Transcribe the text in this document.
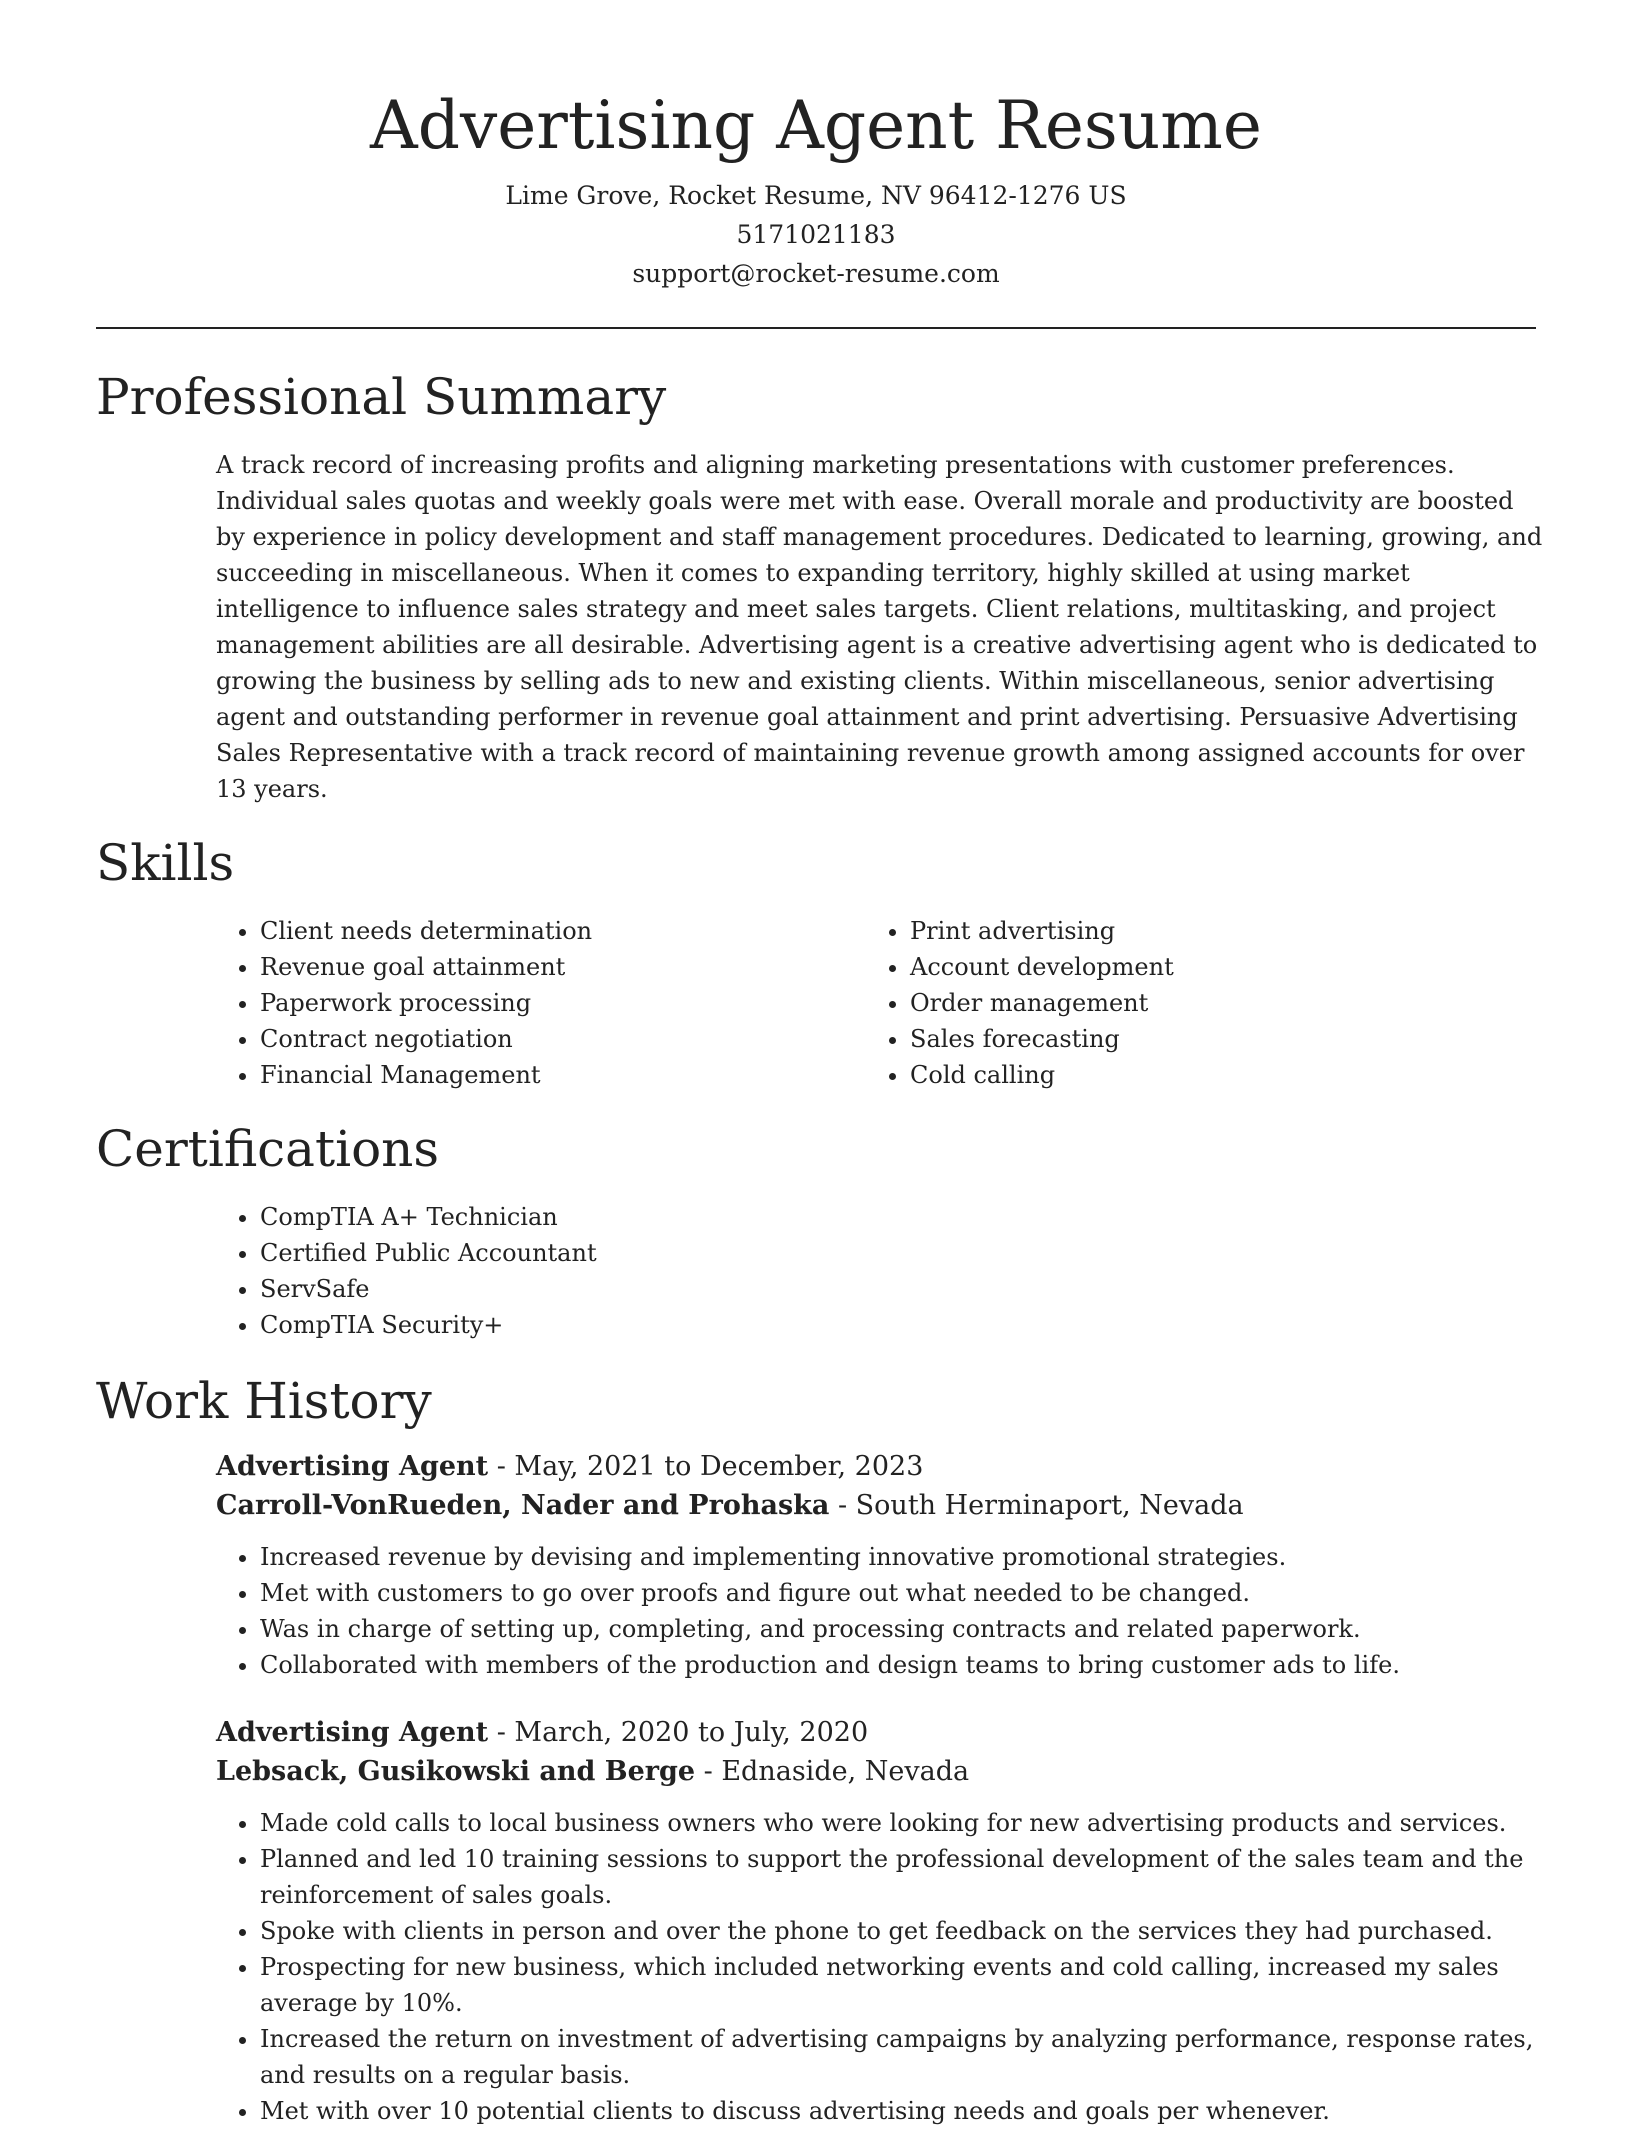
Advertising Agent Resume
Lime Grove, Rocket Resume, NV 96412-1276 US
5171021183
support@rocket-resume.com
Professional Summary

A track record of increasing profits and aligning marketing presentations with customer preferences. Individual sales quotas and weekly goals were met with ease. Overall morale and productivity are boosted by experience in policy development and staff management procedures. Dedicated to learning, growing, and succeeding in miscellaneous. When it comes to expanding territory, highly skilled at using market intelligence to influence sales strategy and meet sales targets. Client relations, multitasking, and project management abilities are all desirable. Advertising agent is a creative advertising agent who is dedicated to growing the business by selling ads to new and existing clients. Within miscellaneous, senior advertising agent and outstanding performer in revenue goal attainment and print advertising. Persuasive Advertising Sales Representative with a track record of maintaining revenue growth among assigned accounts for over 13 years.

Skills
• Client needs determination
• Revenue goal attainment
• Paperwork processing
• Contract negotiation
• Financial Management
• Print advertising
• Account development
• Order management
• Sales forecasting
• Cold calling
Certifications
• CompTIA A+ Technician
• Certified Public Accountant
• ServSafe
• CompTIA Security+
Work History
Advertising Agent - May, 2021 to December, 2023
Carroll-VonRueden, Nader and Prohaska - South Herminaport, Nevada
• Increased revenue by devising and implementing innovative promotional strategies.
• Met with customers to go over proofs and figure out what needed to be changed.
• Was in charge of setting up, completing, and processing contracts and related paperwork.
• Collaborated with members of the production and design teams to bring customer ads to life.
Advertising Agent - March, 2020 to July, 2020
Lebsack, Gusikowski and Berge - Ednaside, Nevada
• Made cold calls to local business owners who were looking for new advertising products and services.
• Planned and led 10 training sessions to support the professional development of the sales team and the reinforcement of sales goals.
• Spoke with clients in person and over the phone to get feedback on the services they had purchased.
• Prospecting for new business, which included networking events and cold calling, increased my sales average by 10%.
• Increased the return on investment of advertising campaigns by analyzing performance, response rates, and results on a regular basis.
• Met with over 10 potential clients to discuss advertising needs and goals per whenever.
